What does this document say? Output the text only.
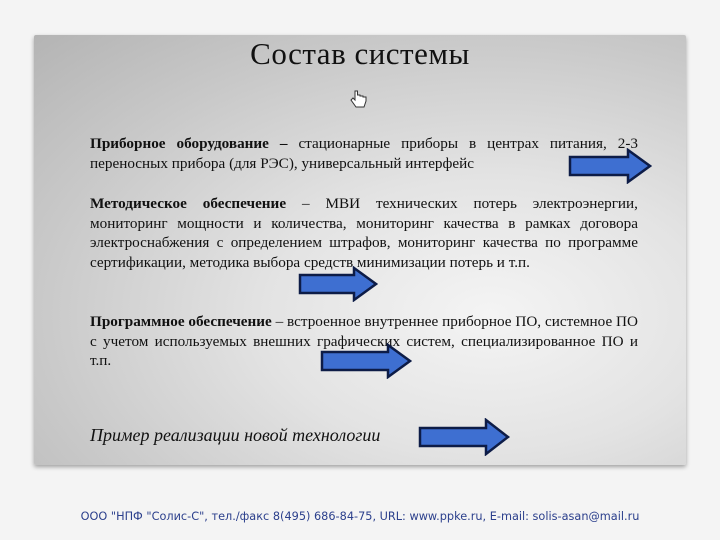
Состав системы
Приборное оборудование – стационарные приборы в центрах питания, 2-3 переносных прибора (для РЭС), универсальный интерфейс
Методическое обеспечение – МВИ технических потерь электроэнергии, мониторинг мощности и количества, мониторинг качества в рамках договора электроснабжения с определением штрафов, мониторинг качества по программе сертификации, методика выбора средств минимизации потерь и т.п.
Программное обеспечение – встроенное внутреннее приборное ПО, системное ПО с учетом используемых внешних графических систем, специализированное ПО и т.п.
Пример реализации новой технологии
ООО "НПФ "Солис-С", тел./факс 8(495) 686-84-75, URL: www.ppke.ru, E-mail: solis-asan@mail.ru
